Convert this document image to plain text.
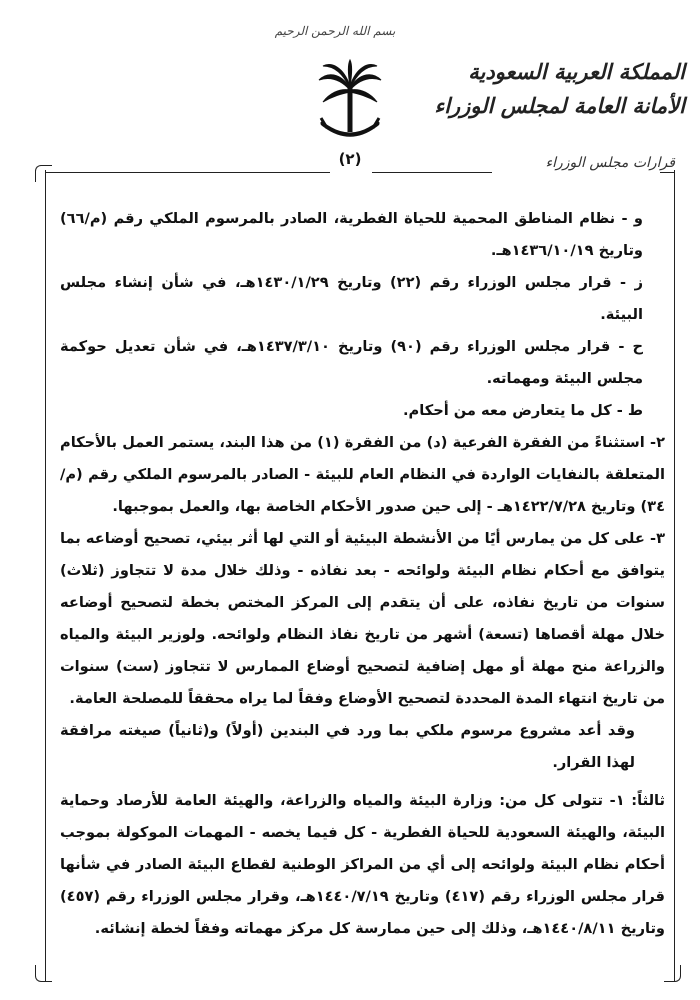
بسم الله الرحمن الرحيم
المملكة العربية السعودية
الأمانة العامة لمجلس الوزراء
قرارات مجلس الوزراء
(٢)

و - نظام المناطق المحمية للحياة الفطرية، الصادر بالمرسوم الملكي رقم (م/٦٦) وتاريخ ١٤٣٦/١٠/١٩هـ.

ز - قرار مجلس الوزراء رقم (٢٢) وتاريخ ١٤٣٠/١/٢٩هـ، في شأن إنشاء مجلس البيئة.

ح - قرار مجلس الوزراء رقم (٩٠) وتاريخ ١٤٣٧/٣/١٠هـ، في شأن تعديل حوكمة مجلس البيئة ومهماته.

ط - كل ما يتعارض معه من أحكام.

٢- استثناءً من الفقرة الفرعية (د) من الفقرة (١) من هذا البند، يستمر العمل بالأحكام المتعلقة بالنفايات الواردة في النظام العام للبيئة - الصادر بالمرسوم الملكي رقم (م/٣٤) وتاريخ ١٤٢٢/٧/٢٨هـ - إلى حين صدور الأحكام الخاصة بها، والعمل بموجبها.

٣- على كل من يمارس أيًا من الأنشطة البيئية أو التي لها أثر بيئي، تصحيح أوضاعه بما يتوافق مع أحكام نظام البيئة ولوائحه - بعد نفاذه - وذلك خلال مدة لا تتجاوز (ثلاث) سنوات من تاريخ نفاذه، على أن يتقدم إلى المركز المختص بخطة لتصحيح أوضاعه خلال مهلة أقصاها (تسعة) أشهر من تاريخ نفاذ النظام ولوائحه. ولوزير البيئة والمياه والزراعة منح مهلة أو مهل إضافية لتصحيح أوضاع الممارس لا تتجاوز (ست) سنوات من تاريخ انتهاء المدة المحددة لتصحيح الأوضاع وفقاً لما يراه محققاً للمصلحة العامة.

وقد أعد مشروع مرسوم ملكي بما ورد في البندين (أولاً) و(ثانياً) صيغته مرافقة لهذا القرار.

ثالثاً: ١- تتولى كل من: وزارة البيئة والمياه والزراعة، والهيئة العامة للأرصاد وحماية البيئة، والهيئة السعودية للحياة الفطرية - كل فيما يخصه - المهمات الموكولة بموجب أحكام نظام البيئة ولوائحه إلى أي من المراكز الوطنية لقطاع البيئة الصادر في شأنها قرار مجلس الوزراء رقم (٤١٧) وتاريخ ١٤٤٠/٧/١٩هـ، وقرار مجلس الوزراء رقم (٤٥٧) وتاريخ ١٤٤٠/٨/١١هـ، وذلك إلى حين ممارسة كل مركز مهماته وفقاً لخطة إنشائه.
